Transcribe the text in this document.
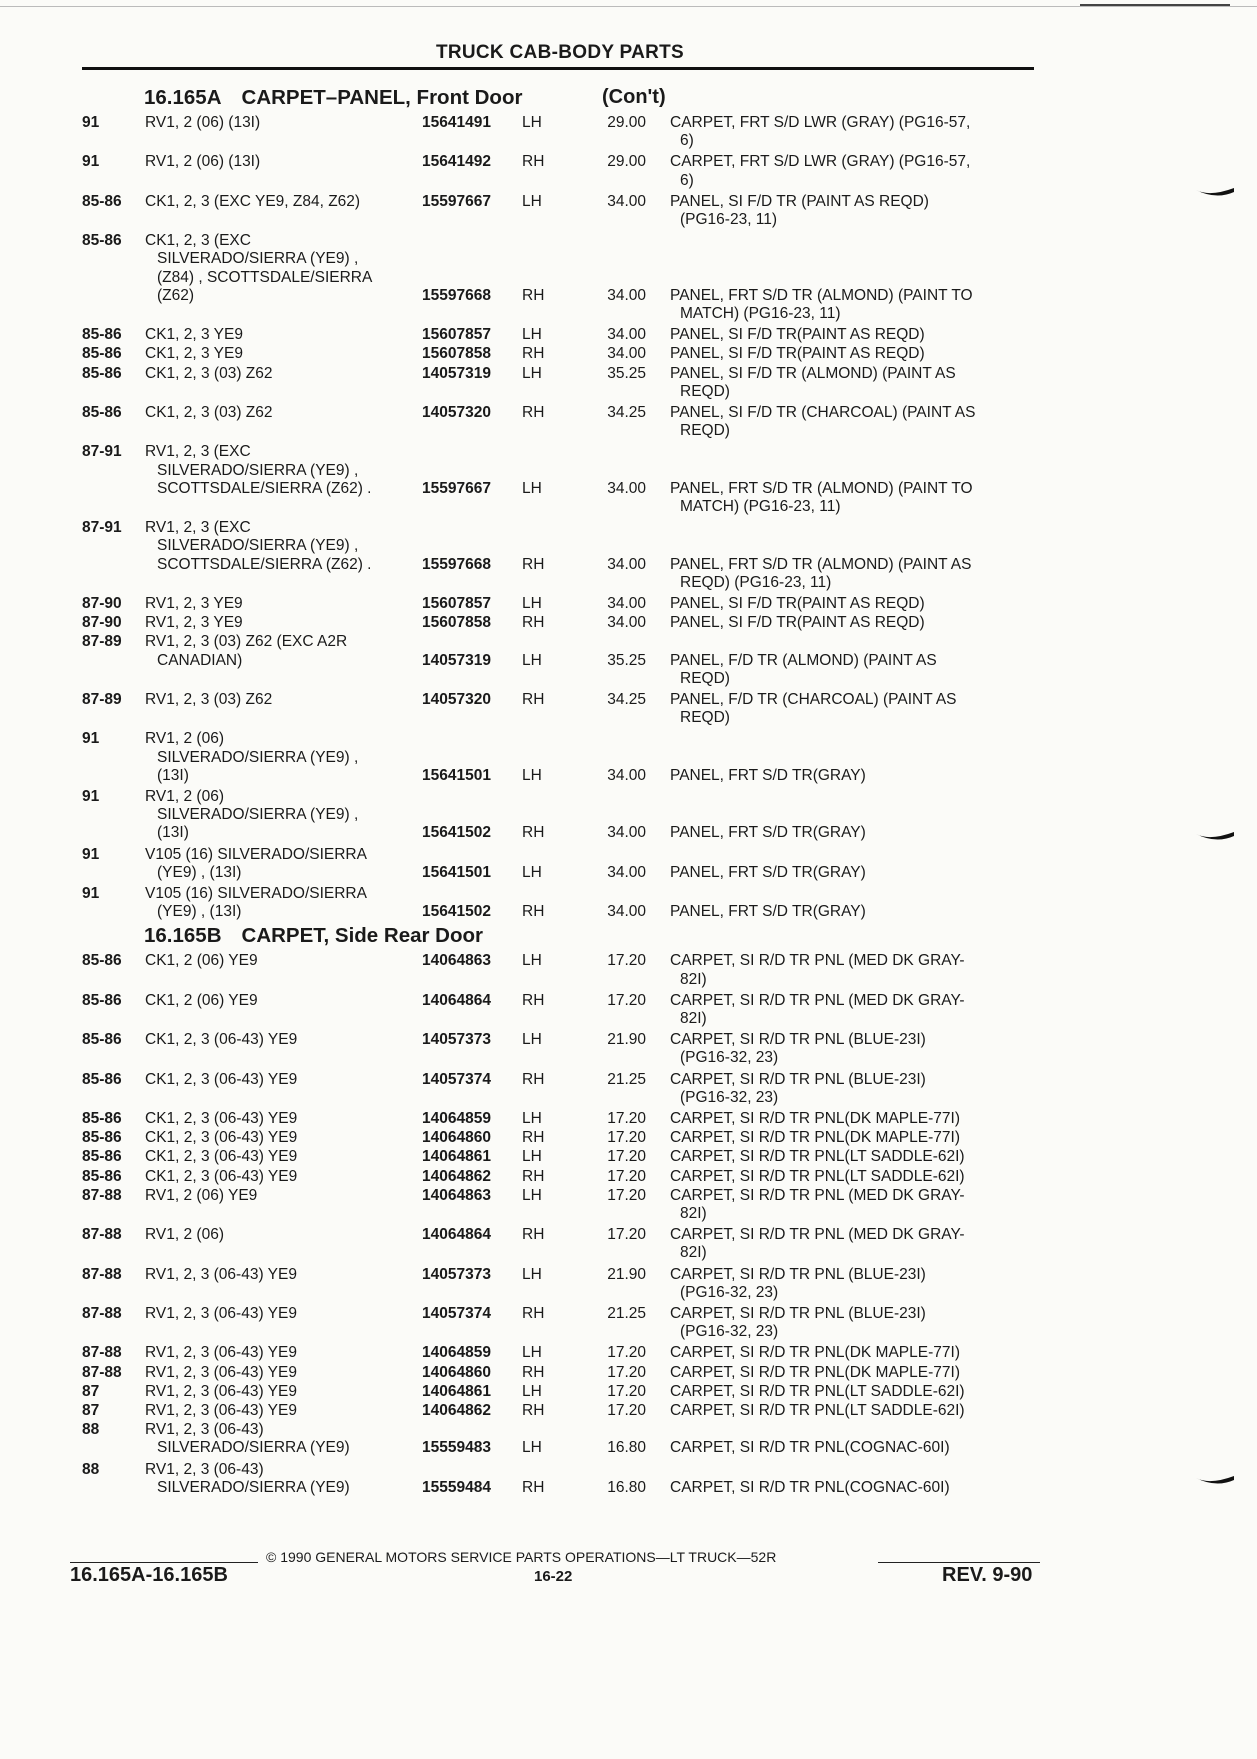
TRUCK CAB-BODY PARTS
16.165A CARPET–PANEL, Front Door	(Con't)
91	RV1, 2 (06) (13I)	15641491 LH	29.00 CARPET, FRT S/D LWR (GRAY) (PG16-57,
6)
91	RV1, 2 (06) (13I)	15641492 RH	29.00 CARPET, FRT S/D LWR (GRAY) (PG16-57,
6)
85-86 CK1, 2, 3 (EXC YE9, Z84, Z62)	15597667 LH	34.00 PANEL, SI F/D TR (PAINT AS REQD)
(PG16-23, 11)
85-86 CK1, 2, 3 (EXC
SILVERADO/SIERRA (YE9) ,
(Z84) , SCOTTSDALE/SIERRA
(Z62)	15597668 RH	34.00 PANEL, FRT S/D TR (ALMOND) (PAINT TO
MATCH) (PG16-23, 11)
85-86 CK1, 2, 3 YE9	15607857 LH	34.00 PANEL, SI F/D TR(PAINT AS REQD)
85-86 CK1, 2, 3 YE9	15607858 RH	34.00 PANEL, SI F/D TR(PAINT AS REQD)
85-86 CK1, 2, 3 (03) Z62	14057319 LH	35.25 PANEL, SI F/D TR (ALMOND) (PAINT AS
REQD)
85-86 CK1, 2, 3 (03) Z62	14057320 RH	34.25 PANEL, SI F/D TR (CHARCOAL) (PAINT AS
REQD)
87-91 RV1, 2, 3 (EXC
SILVERADO/SIERRA (YE9) ,
SCOTTSDALE/SIERRA (Z62) .	15597667 LH	34.00 PANEL, FRT S/D TR (ALMOND) (PAINT TO
MATCH) (PG16-23, 11)
87-91 RV1, 2, 3 (EXC
SILVERADO/SIERRA (YE9) ,
SCOTTSDALE/SIERRA (Z62) .	15597668 RH	34.00 PANEL, FRT S/D TR (ALMOND) (PAINT AS
REQD) (PG16-23, 11)
87-90 RV1, 2, 3 YE9	15607857 LH	34.00 PANEL, SI F/D TR(PAINT AS REQD)
87-90 RV1, 2, 3 YE9	15607858 RH	34.00 PANEL, SI F/D TR(PAINT AS REQD)
87-89 RV1, 2, 3 (03) Z62 (EXC A2R
CANADIAN)	14057319 LH	35.25 PANEL, F/D TR (ALMOND) (PAINT AS
REQD)
87-89 RV1, 2, 3 (03) Z62	14057320 RH	34.25 PANEL, F/D TR (CHARCOAL) (PAINT AS
REQD)
91	RV1, 2 (06)
SILVERADO/SIERRA (YE9) ,
(13I)	15641501 LH	34.00 PANEL, FRT S/D TR(GRAY)
91	RV1, 2 (06)
SILVERADO/SIERRA (YE9) ,
(13I)	15641502 RH	34.00 PANEL, FRT S/D TR(GRAY)
91	V105 (16) SILVERADO/SIERRA
(YE9) , (13I)	15641501 LH	34.00 PANEL, FRT S/D TR(GRAY)
91	V105 (16) SILVERADO/SIERRA
(YE9) , (13I)	15641502 RH	34.00 PANEL, FRT S/D TR(GRAY)
16.165B CARPET, Side Rear Door
85-86 CK1, 2 (06) YE9	14064863 LH	17.20 CARPET, SI R/D TR PNL (MED DK GRAY-
82I)
85-86 CK1, 2 (06) YE9	14064864 RH	17.20 CARPET, SI R/D TR PNL (MED DK GRAY-
82I)
85-86 CK1, 2, 3 (06-43) YE9	14057373 LH	21.90 CARPET, SI R/D TR PNL (BLUE-23I)
(PG16-32, 23)
85-86 CK1, 2, 3 (06-43) YE9	14057374 RH	21.25 CARPET, SI R/D TR PNL (BLUE-23I)
(PG16-32, 23)
85-86 CK1, 2, 3 (06-43) YE9	14064859 LH	17.20 CARPET, SI R/D TR PNL(DK MAPLE-77I)
85-86 CK1, 2, 3 (06-43) YE9	14064860 RH	17.20 CARPET, SI R/D TR PNL(DK MAPLE-77I)
85-86 CK1, 2, 3 (06-43) YE9	14064861 LH	17.20 CARPET, SI R/D TR PNL(LT SADDLE-62I)
85-86 CK1, 2, 3 (06-43) YE9	14064862 RH	17.20 CARPET, SI R/D TR PNL(LT SADDLE-62I)
87-88 RV1, 2 (06) YE9	14064863 LH	17.20 CARPET, SI R/D TR PNL (MED DK GRAY-
82I)
87-88 RV1, 2 (06)	14064864 RH	17.20 CARPET, SI R/D TR PNL (MED DK GRAY-
82I)
87-88 RV1, 2, 3 (06-43) YE9	14057373 LH	21.90 CARPET, SI R/D TR PNL (BLUE-23I)
(PG16-32, 23)
87-88 RV1, 2, 3 (06-43) YE9	14057374 RH	21.25 CARPET, SI R/D TR PNL (BLUE-23I)
(PG16-32, 23)
87-88 RV1, 2, 3 (06-43) YE9	14064859 LH	17.20 CARPET, SI R/D TR PNL(DK MAPLE-77I)
87-88 RV1, 2, 3 (06-43) YE9	14064860 RH	17.20 CARPET, SI R/D TR PNL(DK MAPLE-77I)
87	RV1, 2, 3 (06-43) YE9	14064861 LH	17.20 CARPET, SI R/D TR PNL(LT SADDLE-62I)
87	RV1, 2, 3 (06-43) YE9	14064862 RH	17.20 CARPET, SI R/D TR PNL(LT SADDLE-62I)
88	RV1, 2, 3 (06-43)
SILVERADO/SIERRA (YE9)	15559483 LH	16.80 CARPET, SI R/D TR PNL(COGNAC-60I)
88	RV1, 2, 3 (06-43)
SILVERADO/SIERRA (YE9)	15559484 RH	16.80 CARPET, SI R/D TR PNL(COGNAC-60I)
© 1990 GENERAL MOTORS SERVICE PARTS OPERATIONS—LT TRUCK—52R
16.165A-16.165B	16-22	REV. 9-90
